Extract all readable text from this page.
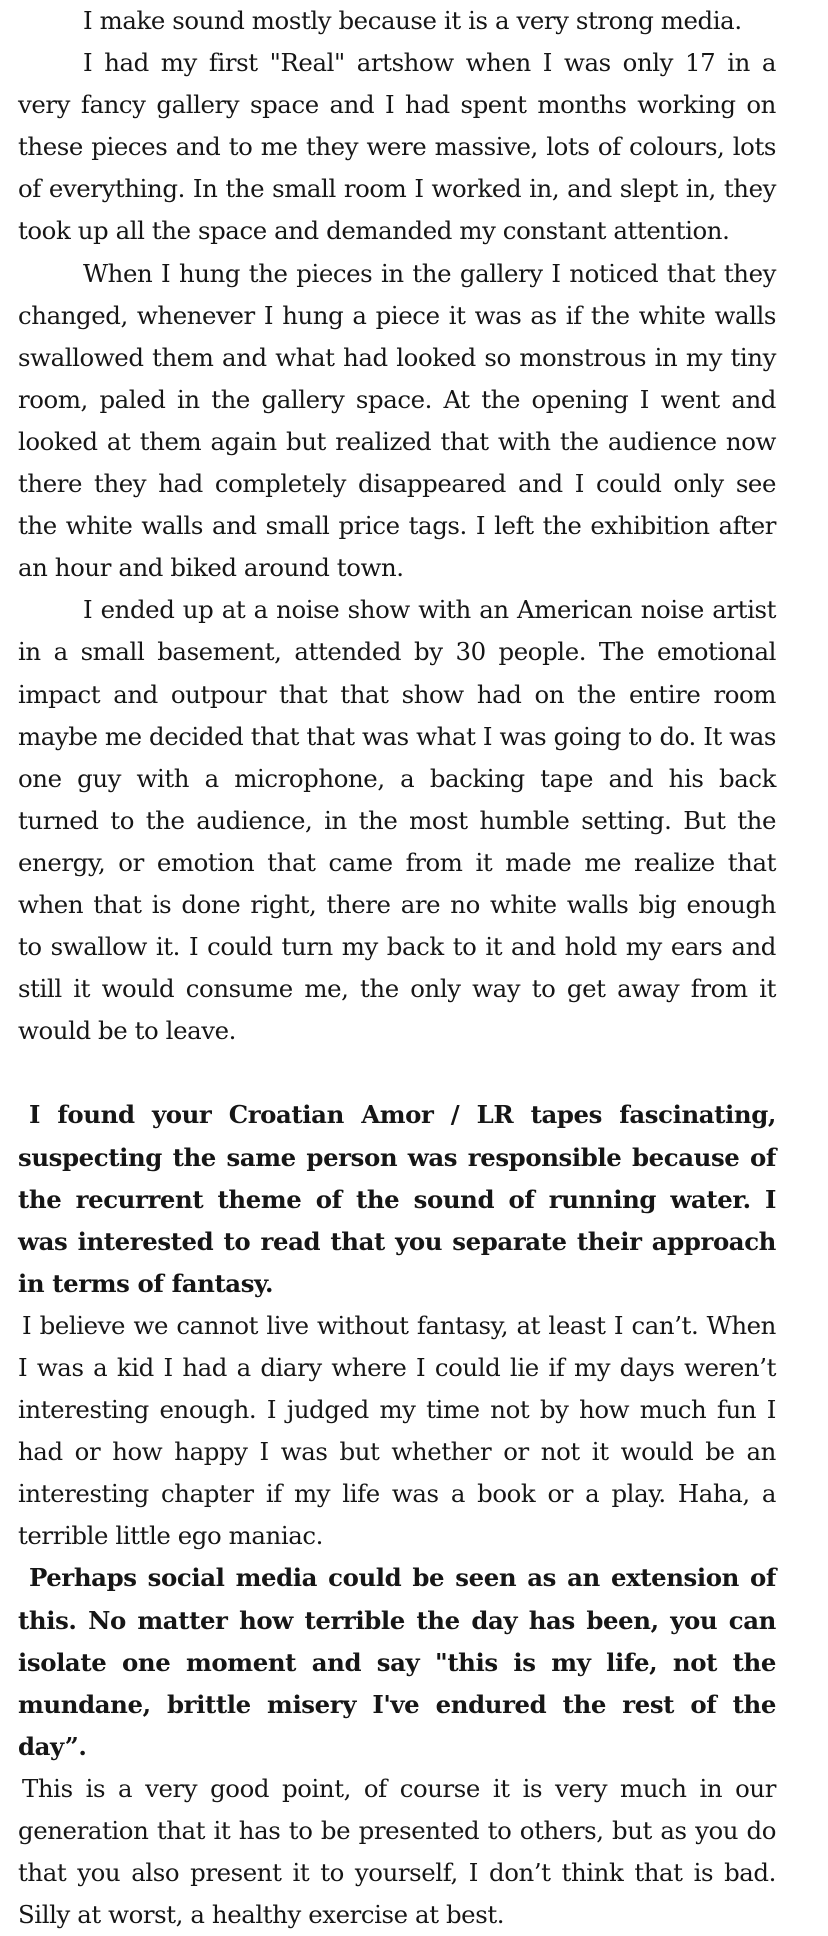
I make sound mostly because it is a very strong media.

I had my first "Real" artshow when I was only 17 in a very fancy gallery space and I had spent months working on these pieces and to me they were massive, lots of colours, lots of everything. In the small room I worked in, and slept in, they took up all the space and demanded my constant attention.

When I hung the pieces in the gallery I noticed that they changed, whenever I hung a piece it was as if the white walls swallowed them and what had looked so monstrous in my tiny room, paled in the gallery space. At the opening I went and looked at them again but realized that with the audience now there they had completely disappeared and I could only see the white walls and small price tags. I left the exhibition after an hour and biked around town.

I ended up at a noise show with an American noise artist in a small basement, attended by 30 people. The emotional impact and outpour that that show had on the entire room maybe me decided that that was what I was going to do. It was one guy with a microphone, a backing tape and his back turned to the audience, in the most humble setting. But the energy, or emotion that came from it made me realize that when that is done right, there are no white walls big enough to swallow it. I could turn my back to it and hold my ears and still it would consume me, the only way to get away from it would be to leave.

I found your Croatian Amor / LR tapes fascinating, suspecting the same person was responsible because of the recurrent theme of the sound of running water. I was interested to read that you separate their approach in terms of fantasy.

I believe we cannot live without fantasy, at least I can’t. When I was a kid I had a diary where I could lie if my days weren’t interesting enough. I judged my time not by how much fun I had or how happy I was but whether or not it would be an interesting chapter if my life was a book or a play. Haha, a terrible little ego maniac.

Perhaps social media could be seen as an extension of this. No matter how terrible the day has been, you can isolate one moment and say "this is my life, not the mundane, brittle misery I've endured the rest of the day”.

This is a very good point, of course it is very much in our generation that it has to be presented to others, but as you do that you also present it to yourself, I don’t think that is bad. Silly at worst, a healthy exercise at best.
